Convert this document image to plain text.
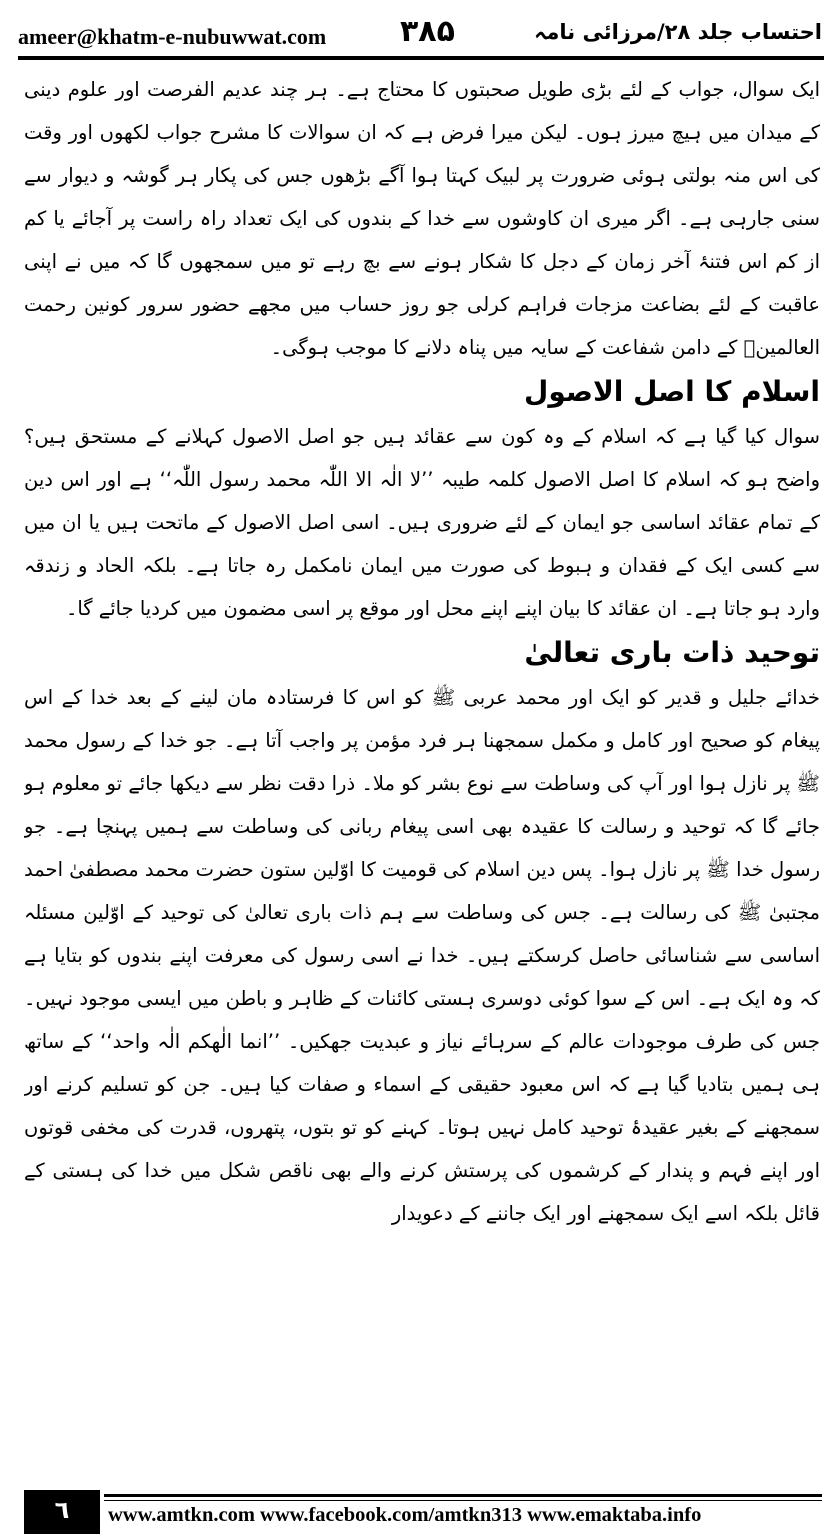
ameer@khatm-e-nubuwwat.com ۳۸۵	احتساب جلد ۲۸/مرزائی نامہ

ایک سوال، جواب کے لئے بڑی طویل صحبتوں کا محتاج ہے۔ ہر چند عدیم الفرصت اور علوم دینی کے میدان میں ہیچ میرز ہوں۔ لیکن میرا فرض ہے کہ ان سوالات کا مشرح جواب لکھوں اور وقت کی اس منہ بولتی ہوئی ضرورت پر لبیک کہتا ہوا آگے بڑھوں جس کی پکار ہر گوشہ و دیوار سے سنی جارہی ہے۔ اگر میری ان کاوشوں سے خدا کے بندوں کی ایک تعداد راہ راست پر آجائے یا کم از کم اس فتنۂ آخر زمان کے دجل کا شکار ہونے سے بچ رہے تو میں سمجھوں گا کہ میں نے اپنی عاقبت کے لئے بضاعت مزجات فراہم کرلی جو روز حساب میں مجھے حضور سرور کونین رحمت العالمینؐ کے دامن شفاعت کے سایہ میں پناہ دلانے کا موجب ہوگی۔

اسلام کا اصل الاصول

سوال کیا گیا ہے کہ اسلام کے وہ کون سے عقائد ہیں جو اصل الاصول کہلانے کے مستحق ہیں؟ واضح ہو کہ اسلام کا اصل الاصول کلمہ طیبہ ’’لا الٰہ الا اللّٰہ محمد رسول اللّٰہ‘‘ ہے اور اس دین کے تمام عقائد اساسی جو ایمان کے لئے ضروری ہیں۔ اسی اصل الاصول کے ماتحت ہیں یا ان میں سے کسی ایک کے فقدان و ہبوط کی صورت میں ایمان نامکمل رہ جاتا ہے۔ بلکہ الحاد و زندقہ وارد ہو جاتا ہے۔ ان عقائد کا بیان اپنے اپنے محل اور موقع پر اسی مضمون میں کردیا جائے گا۔

توحید ذات باری تعالیٰ

خدائے جلیل و قدیر کو ایک اور محمد عربی ﷺ کو اس کا فرستادہ مان لینے کے بعد خدا کے اس پیغام کو صحیح اور کامل و مکمل سمجھنا ہر فرد مؤمن پر واجب آتا ہے۔ جو خدا کے رسول محمد ﷺ پر نازل ہوا اور آپ کی وساطت سے نوع بشر کو ملا۔ ذرا دقت نظر سے دیکھا جائے تو معلوم ہو جائے گا کہ توحید و رسالت کا عقیدہ بھی اسی پیغام ربانی کی وساطت سے ہمیں پہنچا ہے۔ جو رسول خدا ﷺ پر نازل ہوا۔ پس دین اسلام کی قومیت کا اوّلین ستون حضرت محمد مصطفیٰ احمد مجتبیٰ ﷺ کی رسالت ہے۔ جس کی وساطت سے ہم ذات باری تعالیٰ کی توحید کے اوّلین مسئلہ اساسی سے شناسائی حاصل کرسکتے ہیں۔ خدا نے اسی رسول کی معرفت اپنے بندوں کو بتایا ہے کہ وہ ایک ہے۔ اس کے سوا کوئی دوسری ہستی کائنات کے ظاہر و باطن میں ایسی موجود نہیں۔ جس کی طرف موجودات عالم کے سرہائے نیاز و عبدیت جھکیں۔ ’’انما الٰھکم الٰہ واحد‘‘ کے ساتھ ہی ہمیں بتادیا گیا ہے کہ اس معبود حقیقی کے اسماء و صفات کیا ہیں۔ جن کو تسلیم کرنے اور سمجھنے کے بغیر عقیدۂ توحید کامل نہیں ہوتا۔ کہنے کو تو بتوں، پتھروں، قدرت کی مخفی قوتوں اور اپنے فہم و پندار کے کرشموں کی پرستش کرنے والے بھی ناقص شکل میں خدا کی ہستی کے قائل بلکہ اسے ایک سمجھنے اور ایک جاننے کے دعویدار

٦	www.amtkn.com www.facebook.com/amtkn313 www.emaktaba.info
